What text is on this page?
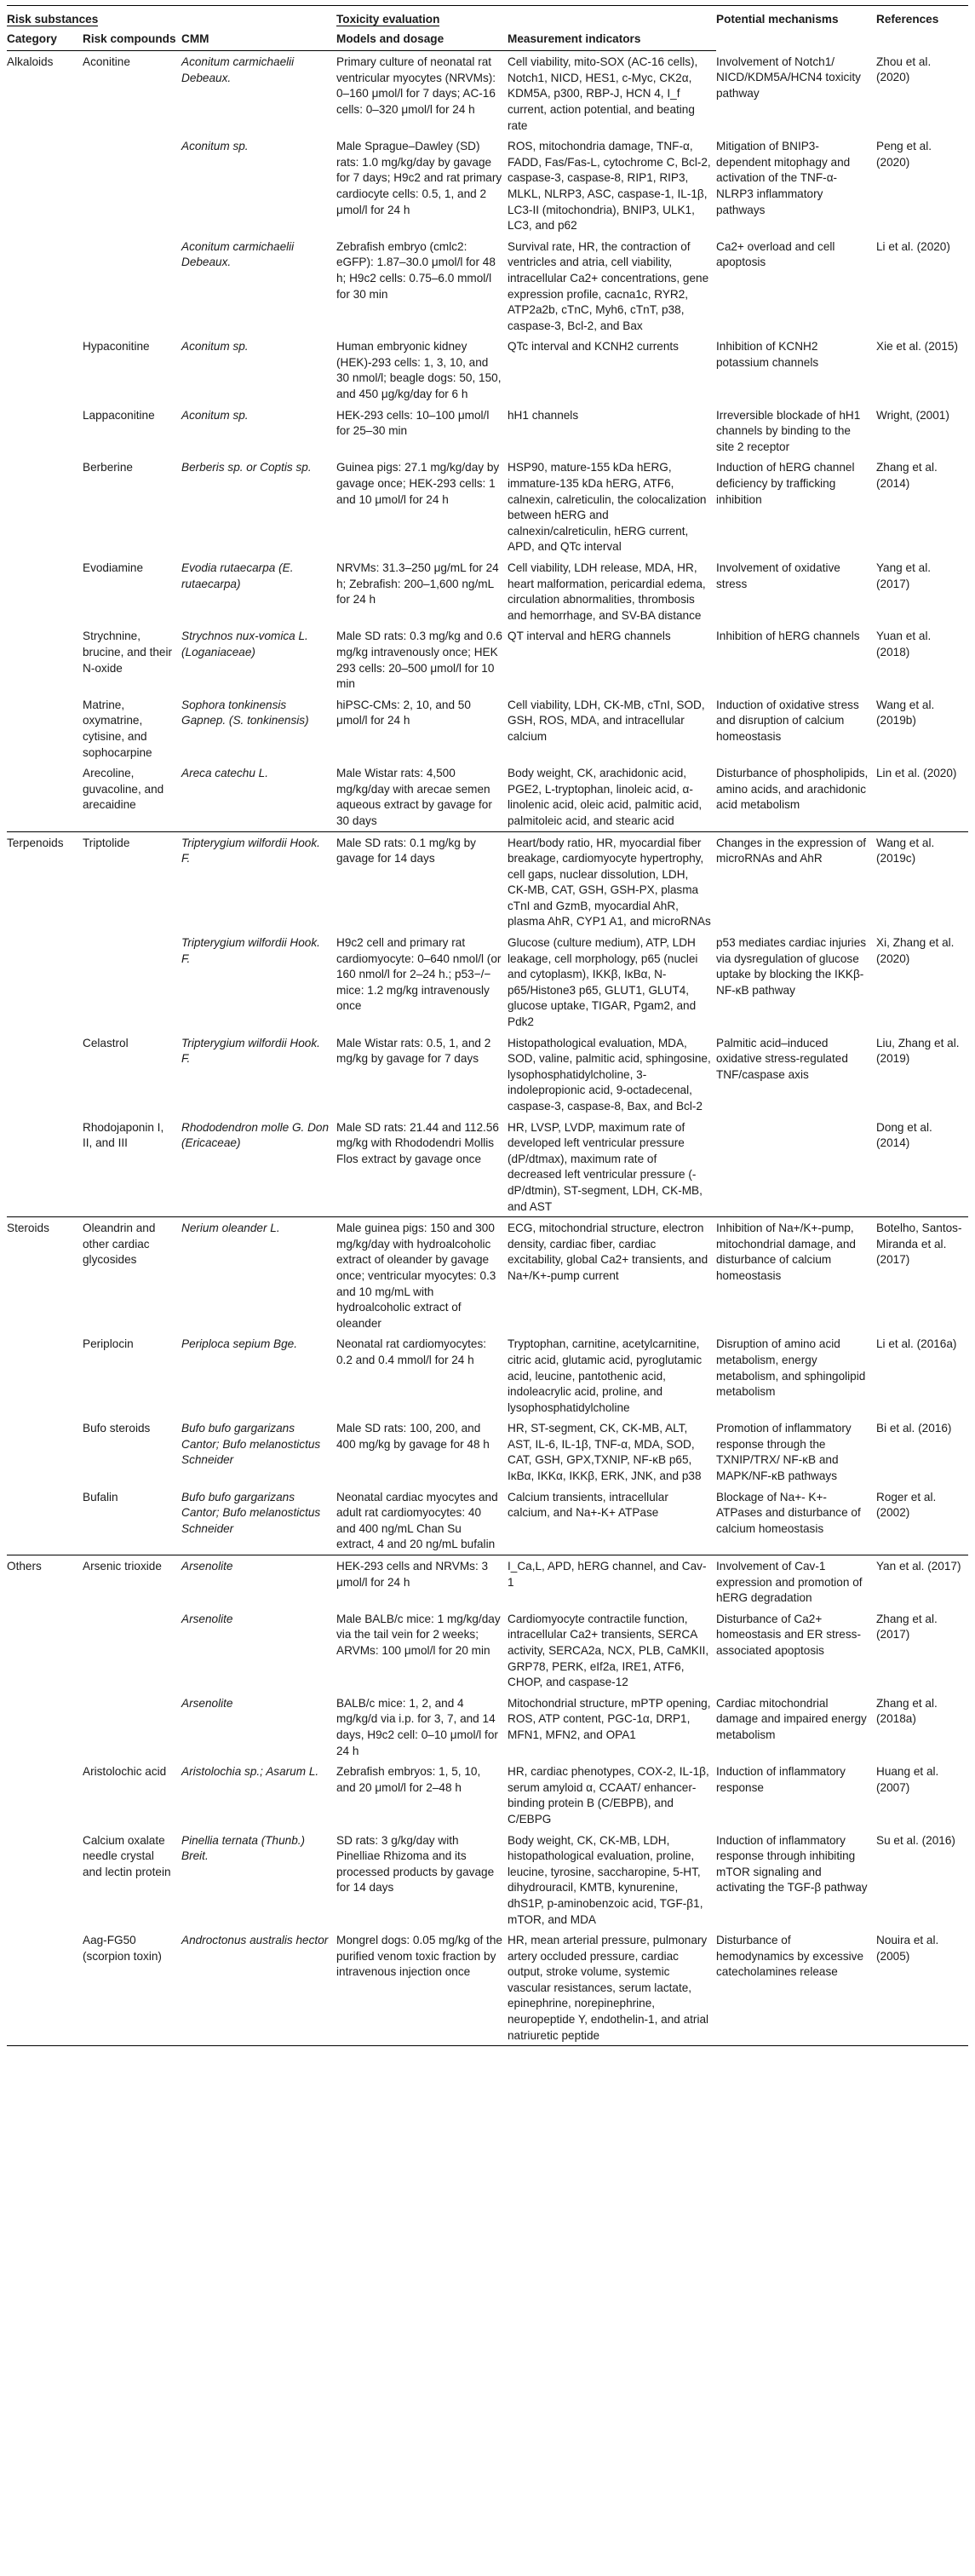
Risk substances			Toxicity evaluation		Potential mechanisms	References
Category	Risk compounds	CMM	Models and dosage	Measurement indicators		
Alkaloids	Aconitine	Aconitum carmichaelii Debeaux.	Primary culture of neonatal rat ventricular myocytes (NRVMs): 0–160 μmol/l for 7 days; AC-16 cells: 0–320 μmol/l for 24 h	Cell viability, mito-SOX (AC-16 cells), Notch1, NICD, HES1, c-Myc, CK2α, KDM5A, p300, RBP-J, HCN 4, I_f current, action potential, and beating rate	Involvement of Notch1/ NICD/KDM5A/HCN4 toxicity pathway	Zhou et al. (2020)
		Aconitum sp.	Male Sprague–Dawley (SD) rats: 1.0 mg/kg/day by gavage for 7 days; H9c2 and rat primary cardiocyte cells: 0.5, 1, and 2 μmol/l for 24 h	ROS, mitochondria damage, TNF-α, FADD, Fas/Fas-L, cytochrome C, Bcl-2, caspase-3, caspase-8, RIP1, RIP3, MLKL, NLRP3, ASC, caspase-1, IL-1β, LC3-II (mitochondria), BNIP3, ULK1, LC3, and p62	Mitigation of BNIP3-dependent mitophagy and activation of the TNF-α-NLRP3 inflammatory pathways	Peng et al. (2020)
		Aconitum carmichaelii Debeaux.	Zebrafish embryo (cmlc2: eGFP): 1.87–30.0 μmol/l for 48 h; H9c2 cells: 0.75–6.0 mmol/l for 30 min	Survival rate, HR, the contraction of ventricles and atria, cell viability, intracellular Ca2+ concentrations, gene expression profile, cacna1c, RYR2, ATP2a2b, cTnC, Myh6, cTnT, p38, caspase-3, Bcl-2, and Bax	Ca2+ overload and cell apoptosis	Li et al. (2020)
	Hypaconitine	Aconitum sp.	Human embryonic kidney (HEK)-293 cells: 1, 3, 10, and 30 nmol/l; beagle dogs: 50, 150, and 450 μg/kg/day for 6 h	QTc interval and KCNH2 currents	Inhibition of KCNH2 potassium channels	Xie et al. (2015)
	Lappaconitine	Aconitum sp.	HEK-293 cells: 10–100 μmol/l for 25–30 min	hH1 channels	Irreversible blockade of hH1 channels by binding to the site 2 receptor	Wright, (2001)
	Berberine	Berberis sp. or Coptis sp.	Guinea pigs: 27.1 mg/kg/day by gavage once; HEK-293 cells: 1 and 10 μmol/l for 24 h	HSP90, mature-155 kDa hERG, immature-135 kDa hERG, ATF6, calnexin, calreticulin, the colocalization between hERG and calnexin/calreticulin, hERG current, APD, and QTc interval	Induction of hERG channel deficiency by trafficking inhibition	Zhang et al. (2014)
	Evodiamine	Evodia rutaecarpa (E. rutaecarpa)	NRVMs: 31.3–250 μg/mL for 24 h; Zebrafish: 200–1,600 ng/mL for 24 h	Cell viability, LDH release, MDA, HR, heart malformation, pericardial edema, circulation abnormalities, thrombosis and hemorrhage, and SV-BA distance	Involvement of oxidative stress	Yang et al. (2017)
	Strychnine, brucine, and their N-oxide	Strychnos nux-vomica L. (Loganiaceae)	Male SD rats: 0.3 mg/kg and 0.6 mg/kg intravenously once; HEK 293 cells: 20–500 μmol/l for 10 min	QT interval and hERG channels	Inhibition of hERG channels	Yuan et al. (2018)
	Matrine, oxymatrine, cytisine, and sophocarpine	Sophora tonkinensis Gapnep. (S. tonkinensis)	hiPSC-CMs: 2, 10, and 50 μmol/l for 24 h	Cell viability, LDH, CK-MB, cTnI, SOD, GSH, ROS, MDA, and intracellular calcium	Induction of oxidative stress and disruption of calcium homeostasis	Wang et al. (2019b)
	Arecoline, guvacoline, and arecaidine	Areca catechu L.	Male Wistar rats: 4,500 mg/kg/day with arecae semen aqueous extract by gavage for 30 days	Body weight, CK, arachidonic acid, PGE2, L-tryptophan, linoleic acid, α-linolenic acid, oleic acid, palmitic acid, palmitoleic acid, and stearic acid	Disturbance of phospholipids, amino acids, and arachidonic acid metabolism	Lin et al. (2020)
Terpenoids	Triptolide	Tripterygium wilfordii Hook. F.	Male SD rats: 0.1 mg/kg by gavage for 14 days	Heart/body ratio, HR, myocardial fiber breakage, cardiomyocyte hypertrophy, cell gaps, nuclear dissolution, LDH, CK-MB, CAT, GSH, GSH-PX, plasma cTnI and GzmB, myocardial AhR, plasma AhR, CYP1 A1, and microRNAs	Changes in the expression of microRNAs and AhR	Wang et al. (2019c)
		Tripterygium wilfordii Hook. F.	H9c2 cell and primary rat cardiomyocyte: 0–640 nmol/l (or 160 nmol/l for 2–24 h.; p53−/− mice: 1.2 mg/kg intravenously once	Glucose (culture medium), ATP, LDH leakage, cell morphology, p65 (nuclei and cytoplasm), IKKβ, IκBα, N-p65/Histone3 p65, GLUT1, GLUT4, glucose uptake, TIGAR, Pgam2, and Pdk2	p53 mediates cardiac injuries via dysregulation of glucose uptake by blocking the IKKβ-NF-κB pathway	Xi, Zhang et al. (2020)
	Celastrol	Tripterygium wilfordii Hook. F.	Male Wistar rats: 0.5, 1, and 2 mg/kg by gavage for 7 days	Histopathological evaluation, MDA, SOD, valine, palmitic acid, sphingosine, lysophosphatidylcholine, 3-indolepropionic acid, 9-octadecenal, caspase-3, caspase-8, Bax, and Bcl-2	Palmitic acid–induced oxidative stress-regulated TNF/caspase axis	Liu, Zhang et al. (2019)
	Rhodojaponin I, II, and III	Rhododendron molle G. Don (Ericaceae)	Male SD rats: 21.44 and 112.56 mg/kg with Rhododendri Mollis Flos extract by gavage once	HR, LVSP, LVDP, maximum rate of developed left ventricular pressure (dP/dtmax), maximum rate of decreased left ventricular pressure (-dP/dtmin), ST-segment, LDH, CK-MB, and AST		Dong et al. (2014)
Steroids	Oleandrin and other cardiac glycosides	Nerium oleander L.	Male guinea pigs: 150 and 300 mg/kg/day with hydroalcoholic extract of oleander by gavage once; ventricular myocytes: 0.3 and 10 mg/mL with hydroalcoholic extract of oleander	ECG, mitochondrial structure, electron density, cardiac fiber, cardiac excitability, global Ca2+ transients, and Na+/K+-pump current	Inhibition of Na+/K+-pump, mitochondrial damage, and disturbance of calcium homeostasis	Botelho, Santos-Miranda et al. (2017)
	Periplocin	Periploca sepium Bge.	Neonatal rat cardiomyocytes: 0.2 and 0.4 mmol/l for 24 h	Tryptophan, carnitine, acetylcarnitine, citric acid, glutamic acid, pyroglutamic acid, leucine, pantothenic acid, indoleacrylic acid, proline, and lysophosphatidylcholine	Disruption of amino acid metabolism, energy metabolism, and sphingolipid metabolism	Li et al. (2016a)
	Bufo steroids	Bufo bufo gargarizans Cantor; Bufo melanostictus Schneider	Male SD rats: 100, 200, and 400 mg/kg by gavage for 48 h	HR, ST-segment, CK, CK-MB, ALT, AST, IL-6, IL-1β, TNF-α, MDA, SOD, CAT, GSH, GPX,TXNIP, NF-κB p65, IκBα, IKKα, IKKβ, ERK, JNK, and p38	Promotion of inflammatory response through the TXNIP/TRX/ NF-κB and MAPK/NF-κB pathways	Bi et al. (2016)
	Bufalin	Bufo bufo gargarizans Cantor; Bufo melanostictus Schneider	Neonatal cardiac myocytes and adult rat cardiomyocytes: 40 and 400 ng/mL Chan Su extract, 4 and 20 ng/mL bufalin	Calcium transients, intracellular calcium, and Na+-K+ ATPase	Blockage of Na+- K+-ATPases and disturbance of calcium homeostasis	Roger et al. (2002)
Others	Arsenic trioxide	Arsenolite	HEK-293 cells and NRVMs: 3 μmol/l for 24 h	I_Ca,L, APD, hERG channel, and Cav-1	Involvement of Cav-1 expression and promotion of hERG degradation	Yan et al. (2017)
		Arsenolite	Male BALB/c mice: 1 mg/kg/day via the tail vein for 2 weeks; ARVMs: 100 μmol/l for 20 min	Cardiomyocyte contractile function, intracellular Ca2+ transients, SERCA activity, SERCA2a, NCX, PLB, CaMKII, GRP78, PERK, eIf2a, IRE1, ATF6, CHOP, and caspase-12	Disturbance of Ca2+ homeostasis and ER stress-associated apoptosis	Zhang et al. (2017)
		Arsenolite	BALB/c mice: 1, 2, and 4 mg/kg/d via i.p. for 3, 7, and 14 days, H9c2 cell: 0–10 μmol/l for 24 h	Mitochondrial structure, mPTP opening, ROS, ATP content, PGC-1α, DRP1, MFN1, MFN2, and OPA1	Cardiac mitochondrial damage and impaired energy metabolism	Zhang et al. (2018a)
	Aristolochic acid	Aristolochia sp.; Asarum L.	Zebrafish embryos: 1, 5, 10, and 20 μmol/l for 2–48 h	HR, cardiac phenotypes, COX-2, IL-1β, serum amyloid α, CCAAT/ enhancer-binding protein B (C/EBPB), and C/EBPG	Induction of inflammatory response	Huang et al. (2007)
	Calcium oxalate needle crystal and lectin protein	Pinellia ternata (Thunb.) Breit.	SD rats: 3 g/kg/day with Pinelliae Rhizoma and its processed products by gavage for 14 days	Body weight, CK, CK-MB, LDH, histopathological evaluation, proline, leucine, tyrosine, saccharopine, 5-HT, dihydrouracil, KMTB, kynurenine, dhS1P, p-aminobenzoic acid, TGF-β1, mTOR, and MDA	Induction of inflammatory response through inhibiting mTOR signaling and activating the TGF-β pathway	Su et al. (2016)
	Aag-FG50 (scorpion toxin)	Androctonus australis hector	Mongrel dogs: 0.05 mg/kg of the purified venom toxic fraction by intravenous injection once	HR, mean arterial pressure, pulmonary artery occluded pressure, cardiac output, stroke volume, systemic vascular resistances, serum lactate, epinephrine, norepinephrine, neuropeptide Y, endothelin-1, and atrial natriuretic peptide	Disturbance of hemodynamics by excessive catecholamines release	Nouira et al. (2005)
